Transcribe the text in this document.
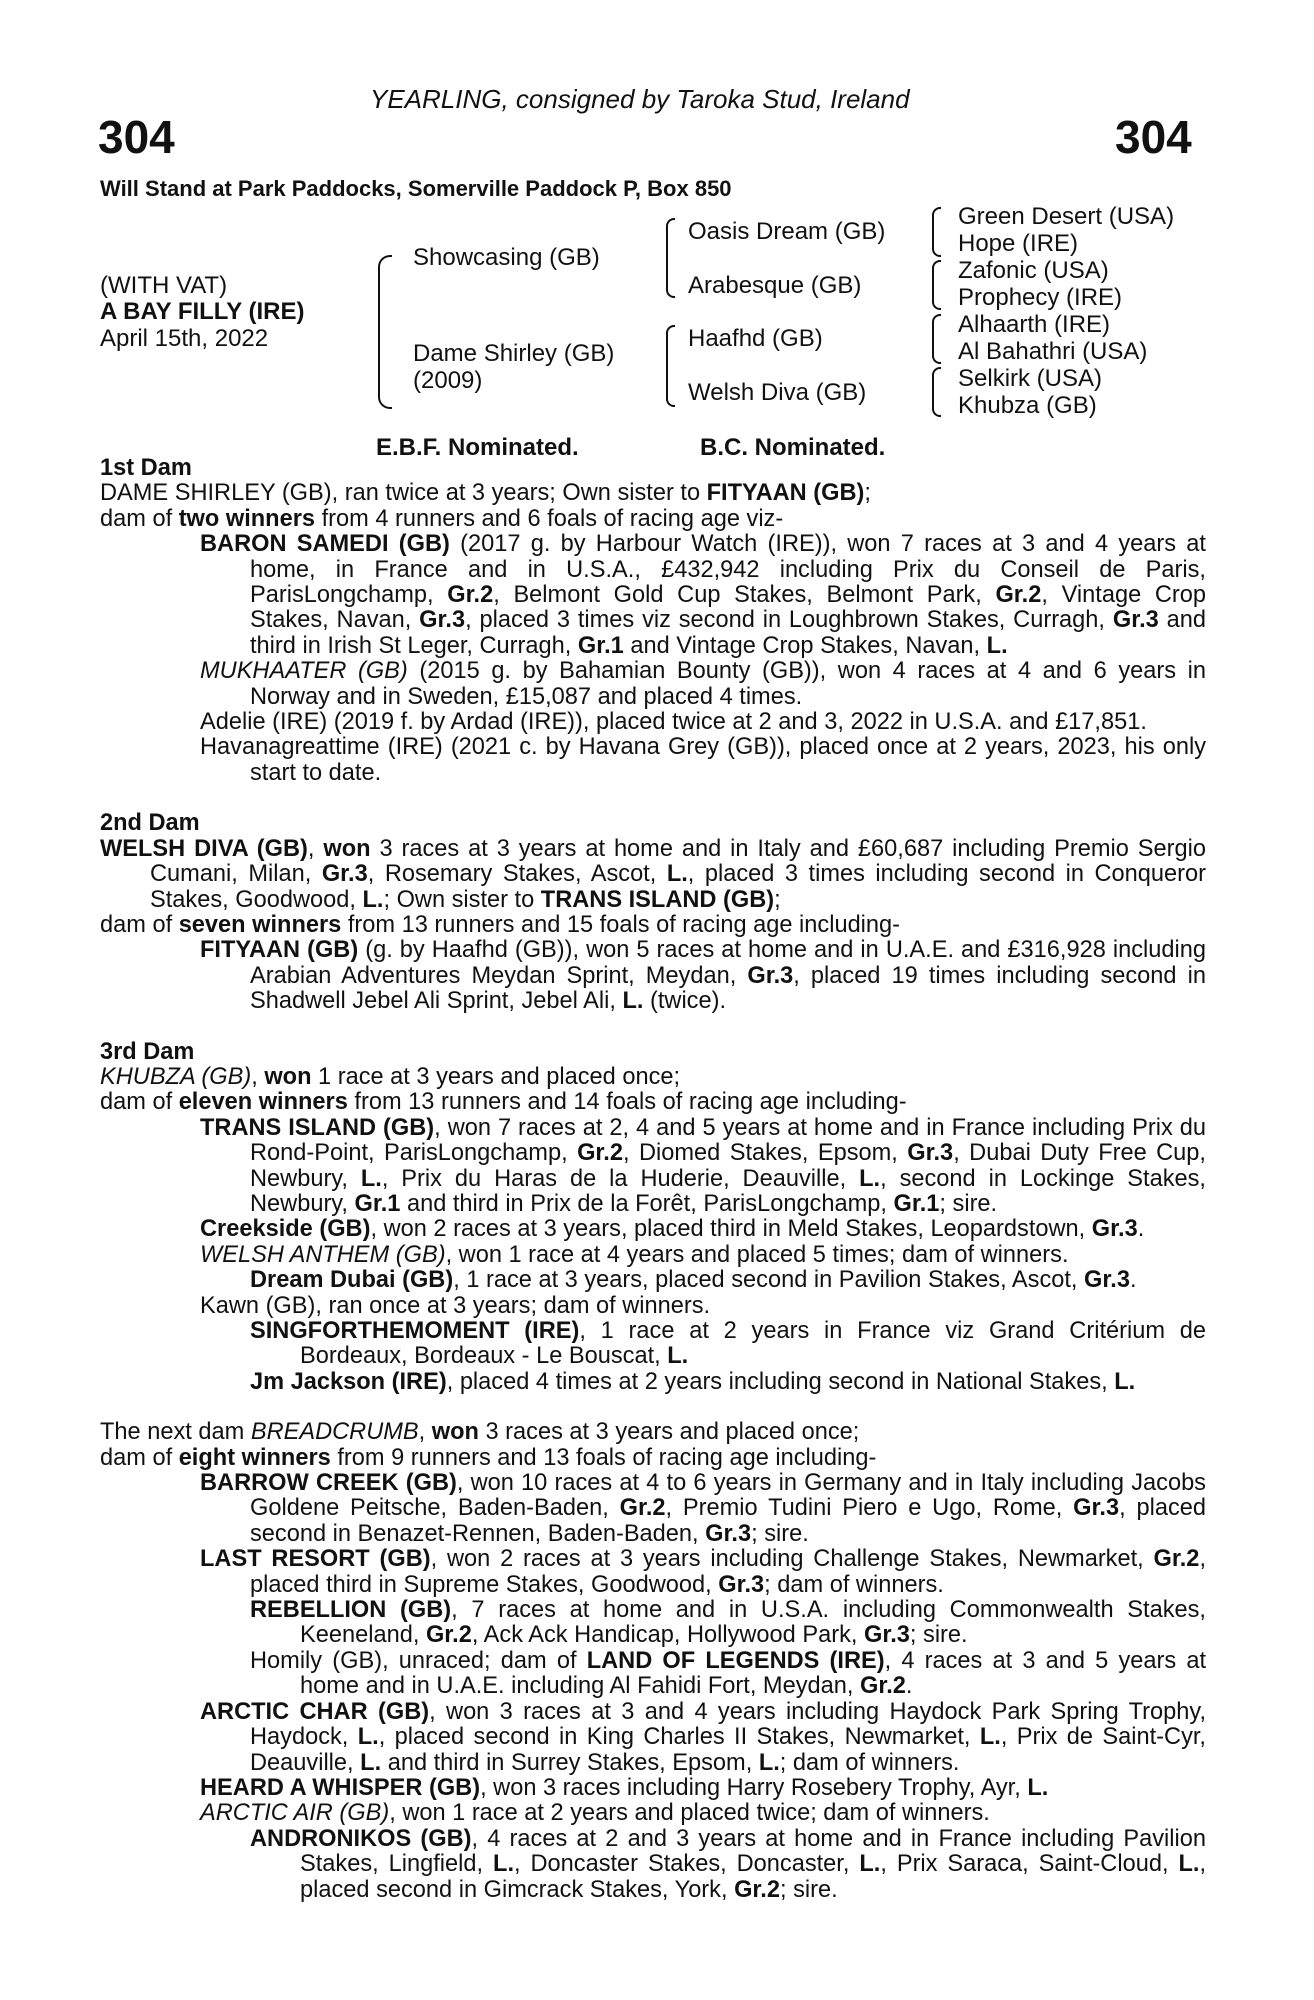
YEARLING, consigned by Taroka Stud, Ireland
304	304
Will Stand at Park Paddocks, Somerville Paddock P, Box 850
(WITH VAT)
A BAY FILLY (IRE)
April 15th, 2022
Showcasing (GB)
Dame Shirley (GB)
(2009)
Oasis Dream (GB)
Arabesque (GB)
Haafhd (GB)
Welsh Diva (GB)
Green Desert (USA)
Hope (IRE)
Zafonic (USA)
Prophecy (IRE)
Alhaarth (IRE)
Al Bahathri (USA)
Selkirk (USA)
Khubza (GB)
E.B.F. Nominated.	B.C. Nominated.

1st Dam

DAME SHIRLEY (GB), ran twice at 3 years; Own sister to FITYAAN (GB);

dam of two winners from 4 runners and 6 foals of racing age viz-

BARON SAMEDI (GB) (2017 g. by Harbour Watch (IRE)), won 7 races at 3 and 4 years at home, in France and in U.S.A., £432,942 including Prix du Conseil de Paris, ParisLongchamp, Gr.2, Belmont Gold Cup Stakes, Belmont Park, Gr.2, Vintage Crop Stakes, Navan, Gr.3, placed 3 times viz second in Loughbrown Stakes, Curragh, Gr.3 and third in Irish St Leger, Curragh, Gr.1 and Vintage Crop Stakes, Navan, L.

MUKHAATER (GB) (2015 g. by Bahamian Bounty (GB)), won 4 races at 4 and 6 years in Norway and in Sweden, £15,087 and placed 4 times.

Adelie (IRE) (2019 f. by Ardad (IRE)), placed twice at 2 and 3, 2022 in U.S.A. and £17,851.

Havanagreattime (IRE) (2021 c. by Havana Grey (GB)), placed once at 2 years, 2023, his only start to date.

2nd Dam

WELSH DIVA (GB), won 3 races at 3 years at home and in Italy and £60,687 including Premio Sergio Cumani, Milan, Gr.3, Rosemary Stakes, Ascot, L., placed 3 times including second in Conqueror Stakes, Goodwood, L.; Own sister to TRANS ISLAND (GB);

dam of seven winners from 13 runners and 15 foals of racing age including-

FITYAAN (GB) (g. by Haafhd (GB)), won 5 races at home and in U.A.E. and £316,928 including Arabian Adventures Meydan Sprint, Meydan, Gr.3, placed 19 times including second in Shadwell Jebel Ali Sprint, Jebel Ali, L. (twice).

3rd Dam

KHUBZA (GB), won 1 race at 3 years and placed once;

dam of eleven winners from 13 runners and 14 foals of racing age including-

TRANS ISLAND (GB), won 7 races at 2, 4 and 5 years at home and in France including Prix du Rond-Point, ParisLongchamp, Gr.2, Diomed Stakes, Epsom, Gr.3, Dubai Duty Free Cup, Newbury, L., Prix du Haras de la Huderie, Deauville, L., second in Lockinge Stakes, Newbury, Gr.1 and third in Prix de la Forêt, ParisLongchamp, Gr.1; sire.

Creekside (GB), won 2 races at 3 years, placed third in Meld Stakes, Leopardstown, Gr.3.

WELSH ANTHEM (GB), won 1 race at 4 years and placed 5 times; dam of winners.

Dream Dubai (GB), 1 race at 3 years, placed second in Pavilion Stakes, Ascot, Gr.3.

Kawn (GB), ran once at 3 years; dam of winners.

SINGFORTHEMOMENT (IRE), 1 race at 2 years in France viz Grand Critérium de Bordeaux, Bordeaux - Le Bouscat, L.

Jm Jackson (IRE), placed 4 times at 2 years including second in National Stakes, L.

The next dam BREADCRUMB, won 3 races at 3 years and placed once;

dam of eight winners from 9 runners and 13 foals of racing age including-

BARROW CREEK (GB), won 10 races at 4 to 6 years in Germany and in Italy including Jacobs Goldene Peitsche, Baden-Baden, Gr.2, Premio Tudini Piero e Ugo, Rome, Gr.3, placed second in Benazet-Rennen, Baden-Baden, Gr.3; sire.

LAST RESORT (GB), won 2 races at 3 years including Challenge Stakes, Newmarket, Gr.2, placed third in Supreme Stakes, Goodwood, Gr.3; dam of winners.

REBELLION (GB), 7 races at home and in U.S.A. including Commonwealth Stakes, Keeneland, Gr.2, Ack Ack Handicap, Hollywood Park, Gr.3; sire.

Homily (GB), unraced; dam of LAND OF LEGENDS (IRE), 4 races at 3 and 5 years at home and in U.A.E. including Al Fahidi Fort, Meydan, Gr.2.

ARCTIC CHAR (GB), won 3 races at 3 and 4 years including Haydock Park Spring Trophy, Haydock, L., placed second in King Charles II Stakes, Newmarket, L., Prix de Saint-Cyr, Deauville, L. and third in Surrey Stakes, Epsom, L.; dam of winners.

HEARD A WHISPER (GB), won 3 races including Harry Rosebery Trophy, Ayr, L.

ARCTIC AIR (GB), won 1 race at 2 years and placed twice; dam of winners.

ANDRONIKOS (GB), 4 races at 2 and 3 years at home and in France including Pavilion Stakes, Lingfield, L., Doncaster Stakes, Doncaster, L., Prix Saraca, Saint-Cloud, L., placed second in Gimcrack Stakes, York, Gr.2; sire.
